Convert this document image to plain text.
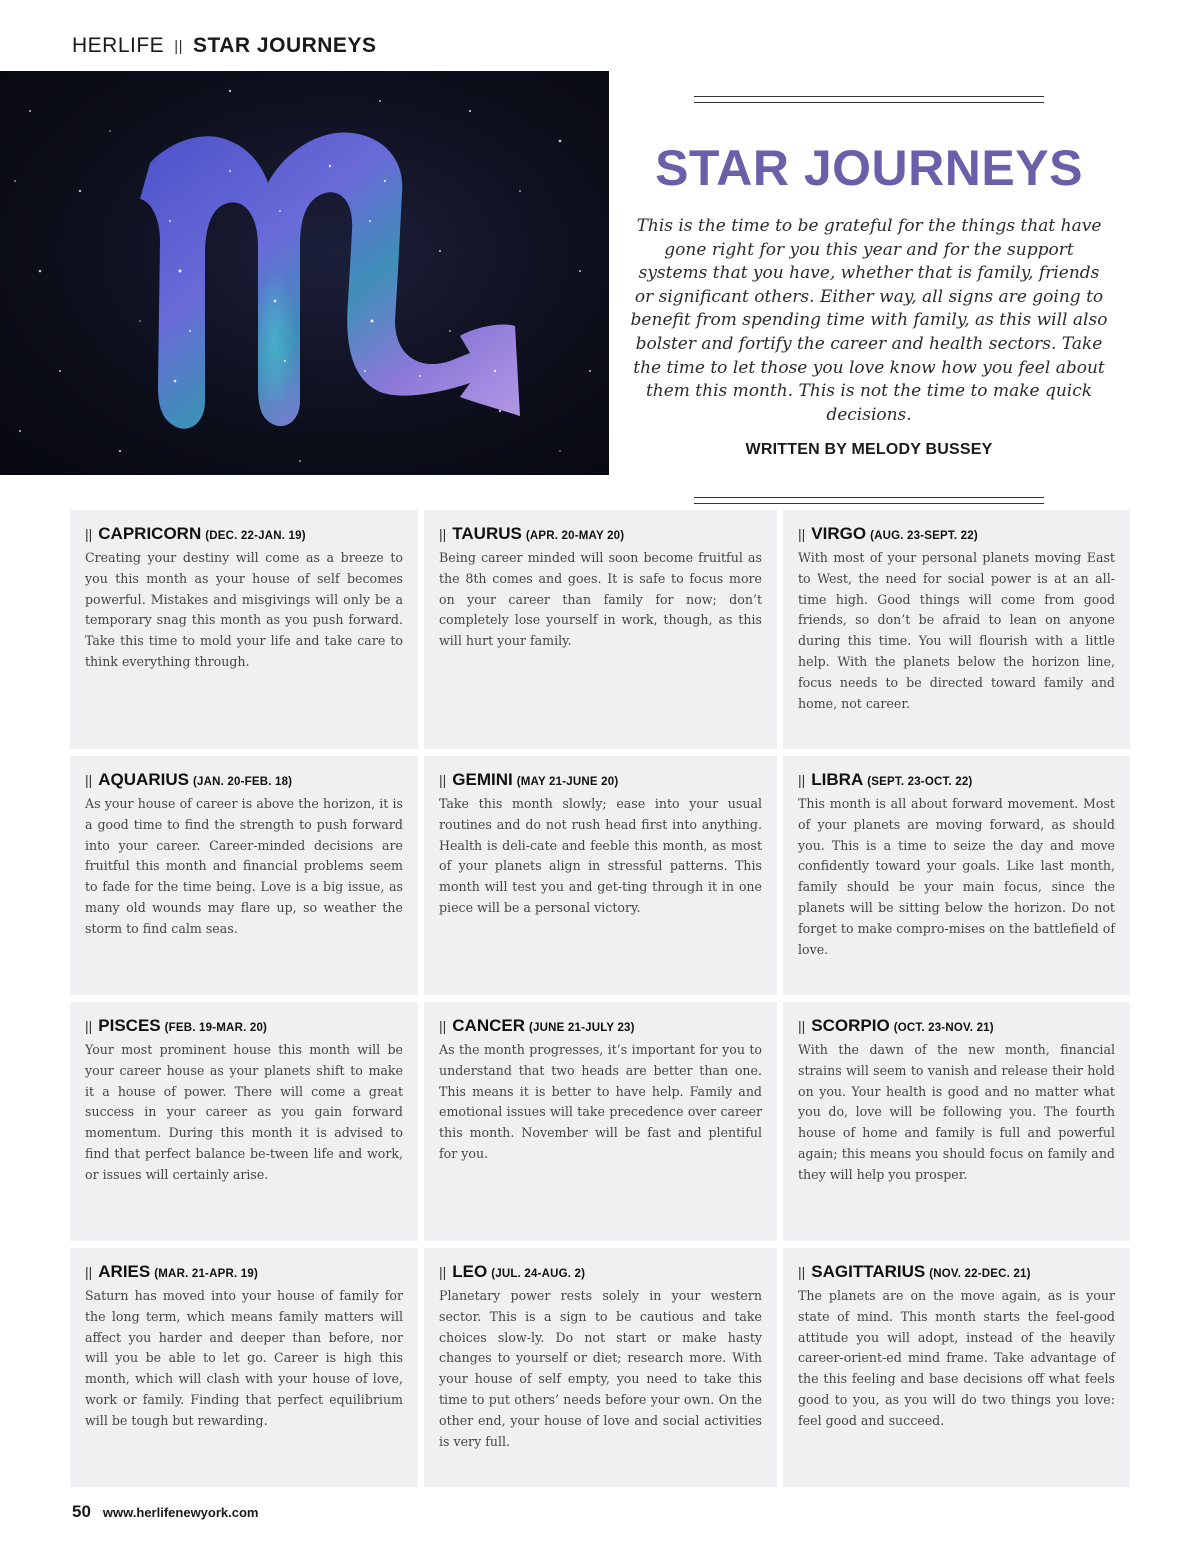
HERLIFE || STAR JOURNEYS
STAR JOURNEYS

This is the time to be grateful for the things that have gone right for you this year and for the support systems that you have, whether that is family, friends or significant others. Either way, all signs are going to benefit from spending time with family, as this will also bolster and fortify the career and health sectors. Take the time to let those you love know how you feel about them this month. This is not the time to make quick decisions.

WRITTEN BY MELODY BUSSEY
|| CAPRICORN (DEC. 22-JAN. 19)

Creating your destiny will come as a breeze to you this month as your house of self becomes powerful. Mistakes and misgivings will only be a temporary snag this month as you push forward. Take this time to mold your life and take care to think everything through.

|| TAURUS (APR. 20-MAY 20)

Being career minded will soon become fruitful as the 8th comes and goes. It is safe to focus more on your career than family for now; don’t completely lose yourself in work, though, as this will hurt your family.

|| VIRGO (AUG. 23-SEPT. 22)

With most of your personal planets moving East to West, the need for social power is at an all-time high. Good things will come from good friends, so don’t be afraid to lean on anyone during this time. You will flourish with a little help. With the planets below the horizon line, focus needs to be directed toward family and home, not career.

|| AQUARIUS (JAN. 20-FEB. 18)

As your house of career is above the horizon, it is a good time to find the strength to push forward into your career. Career-minded decisions are fruitful this month and financial problems seem to fade for the time being. Love is a big issue, as many old wounds may flare up, so weather the storm to find calm seas.

|| GEMINI (MAY 21-JUNE 20)

Take this month slowly; ease into your usual routines and do not rush head first into anything. Health is deli-cate and feeble this month, as most of your planets align in stressful patterns. This month will test you and get-ting through it in one piece will be a personal victory.

|| LIBRA (SEPT. 23-OCT. 22)

This month is all about forward movement. Most of your planets are moving forward, as should you. This is a time to seize the day and move confidently toward your goals. Like last month, family should be your main focus, since the planets will be sitting below the horizon. Do not forget to make compro-mises on the battlefield of love.

|| PISCES (FEB. 19-MAR. 20)

Your most prominent house this month will be your career house as your planets shift to make it a house of power. There will come a great success in your career as you gain forward momentum. During this month it is advised to find that perfect balance be-tween life and work, or issues will certainly arise.

|| CANCER (JUNE 21-JULY 23)

As the month progresses, it’s important for you to understand that two heads are better than one. This means it is better to have help. Family and emotional issues will take precedence over career this month. November will be fast and plentiful for you.

|| SCORPIO (OCT. 23-NOV. 21)

With the dawn of the new month, financial strains will seem to vanish and release their hold on you. Your health is good and no matter what you do, love will be following you. The fourth house of home and family is full and powerful again; this means you should focus on family and they will help you prosper.

|| ARIES (MAR. 21-APR. 19)

Saturn has moved into your house of family for the long term, which means family matters will affect you harder and deeper than before, nor will you be able to let go. Career is high this month, which will clash with your house of love, work or family. Finding that perfect equilibrium will be tough but rewarding.

|| LEO (JUL. 24-AUG. 2)

Planetary power rests solely in your western sector. This is a sign to be cautious and take choices slow-ly. Do not start or make hasty changes to yourself or diet; research more. With your house of self empty, you need to take this time to put others’ needs before your own. On the other end, your house of love and social activities is very full.

|| SAGITTARIUS (NOV. 22-DEC. 21)

The planets are on the move again, as is your state of mind. This month starts the feel-good attitude you will adopt, instead of the heavily career-orient-ed mind frame. Take advantage of the this feeling and base decisions off what feels good to you, as you will do two things you love: feel good and succeed.

50 www.herlifenewyork.com
